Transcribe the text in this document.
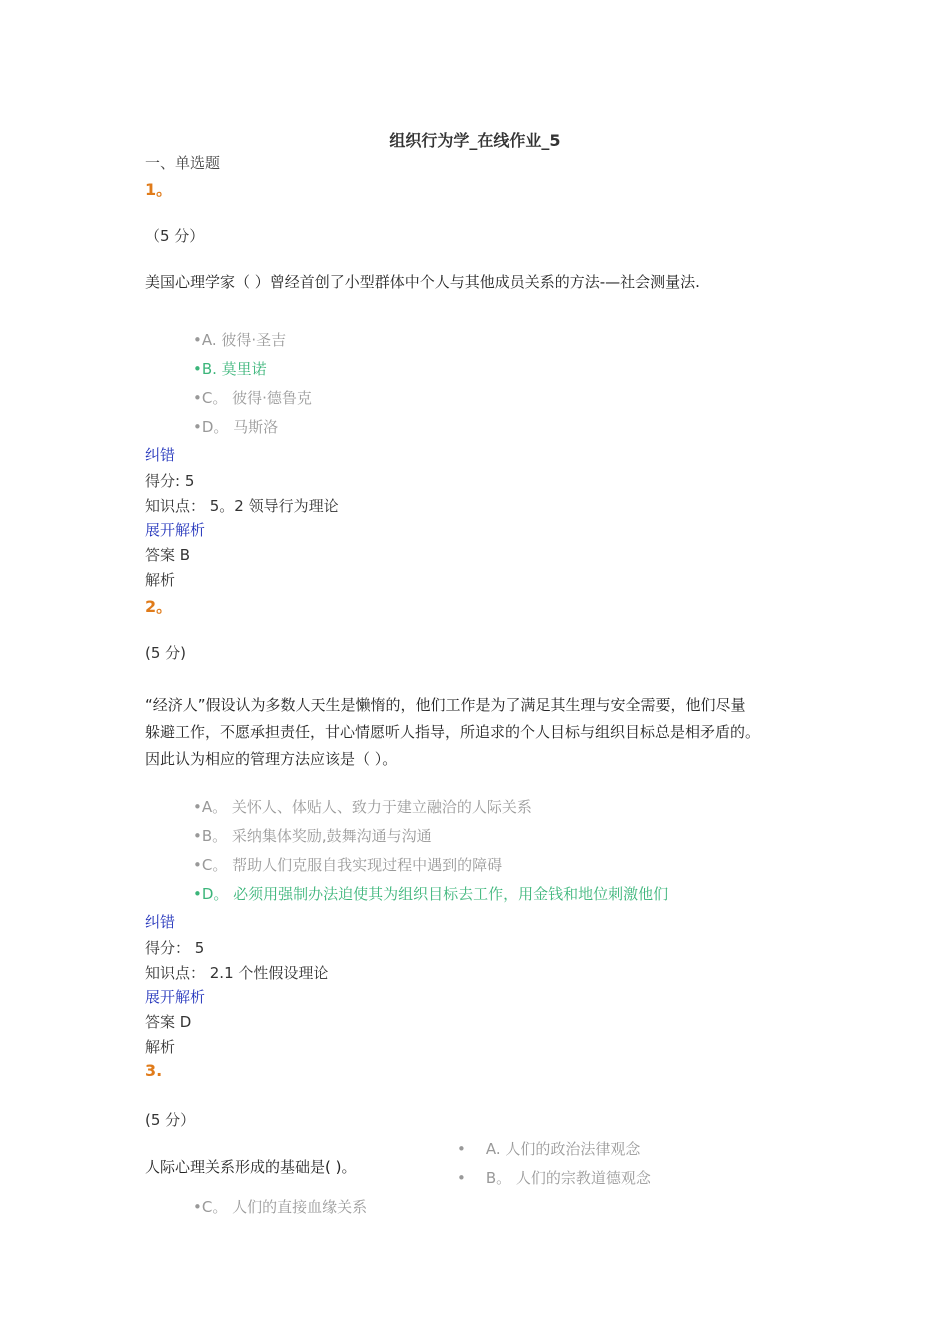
组织行为学_在线作业_5
一、单选题
1。
（5 分）
美国心理学家（ ）曾经首创了小型群体中个人与其他成员关系的方法-—社会测量法.
•A. 彼得·圣吉
•B. 莫里诺
•C。 彼得·德鲁克
•D。 马斯洛
纠错
得分: 5
知识点： 5。2 领导行为理论
展开解析
答案 B
解析
2。
(5 分)
“经济人”假设认为多数人天生是懒惰的，他们工作是为了满足其生理与安全需要，他们尽量躲避工作，不愿承担责任，甘心情愿听人指导，所追求的个人目标与组织目标总是相矛盾的。因此认为相应的管理方法应该是（ ）。
•A。 关怀人、体贴人、致力于建立融洽的人际关系
•B。 采纳集体奖励,鼓舞沟通与沟通
•C。 帮助人们克服自我实现过程中遇到的障碍
•D。 必须用强制办法迫使其为组织目标去工作，用金钱和地位刺激他们
纠错
得分： 5
知识点： 2.1 个性假设理论
展开解析
答案 D
解析
3.
(5 分）
人际心理关系形成的基础是( )。
• A. 人们的政治法律观念
• B。 人们的宗教道德观念
•C。 人们的直接血缘关系
